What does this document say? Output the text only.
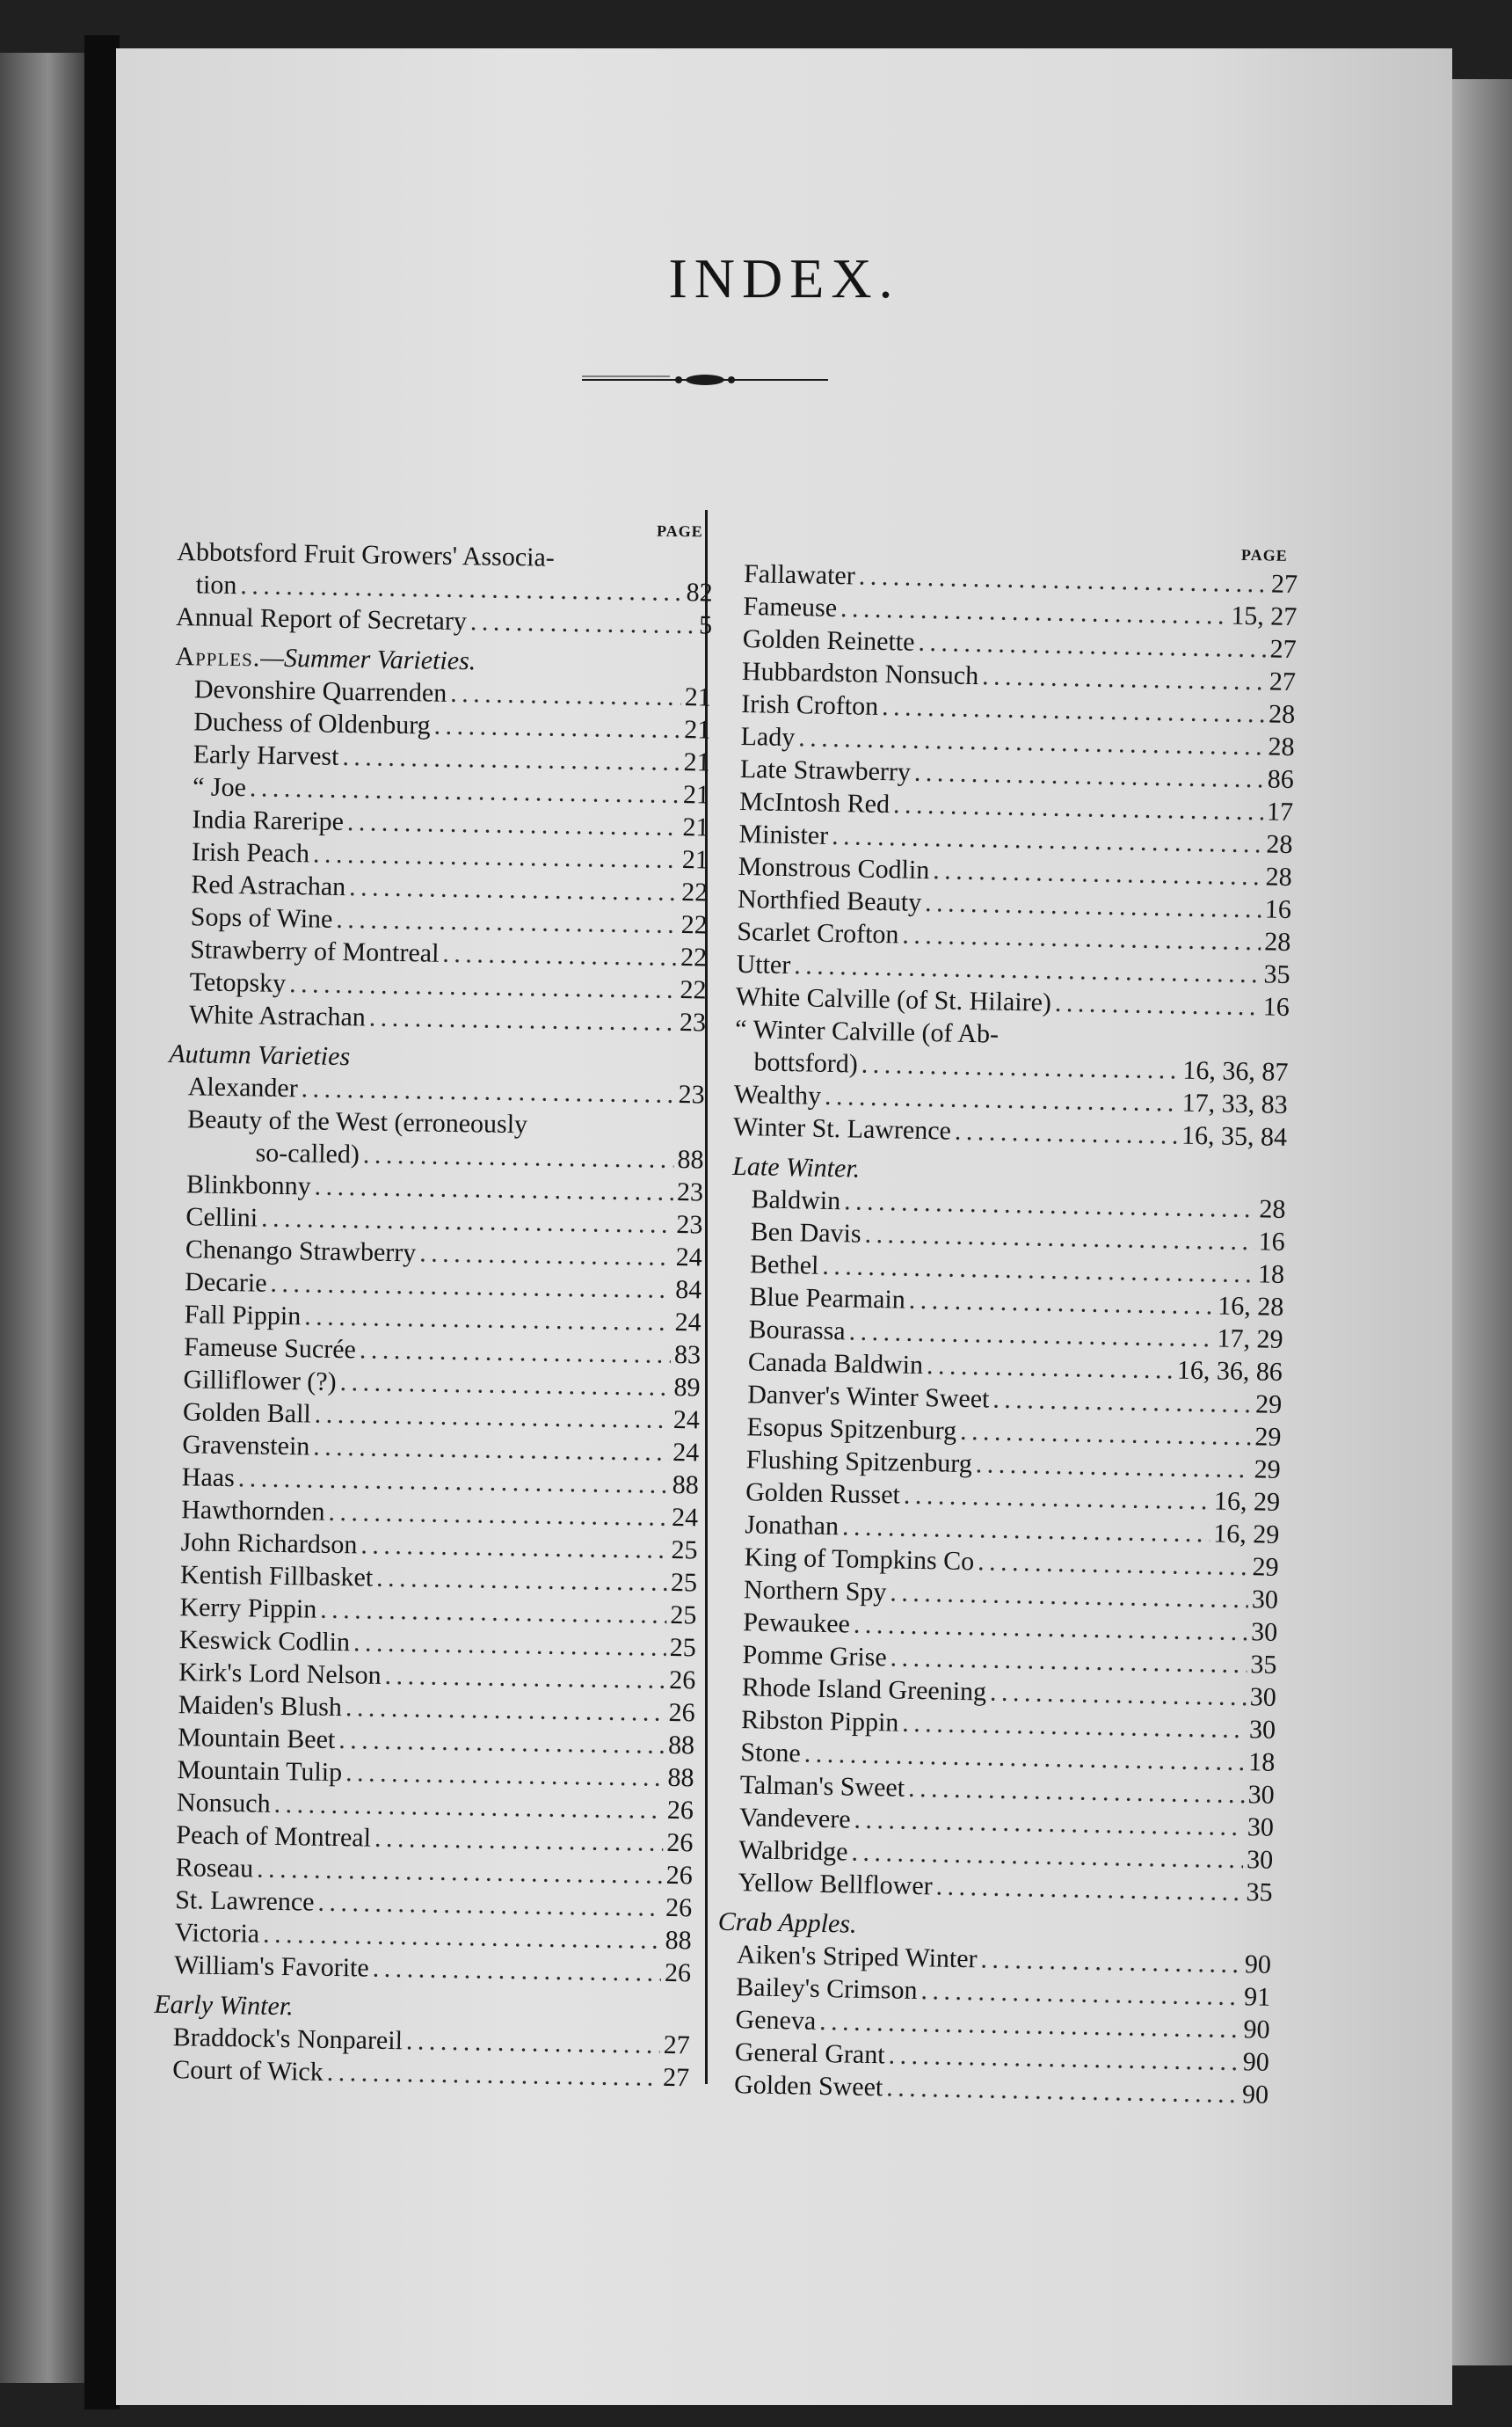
INDEX.
PAGE
Abbotsford Fruit Growers' Associa-
tion . . .	82
Annual Report of Secretary . . .	5
Apples.—Summer Varieties.
Devonshire Quarrenden . . .	21
Duchess of Oldenburg . . .	21
Early Harvest . . .	21
“ Joe . . .	21
India Rareripe . . .	21
Irish Peach . . .	21
Red Astrachan . . .	22
Sops of Wine . . .	22
Strawberry of Montreal . . .	22
Tetopsky . . .	22
White Astrachan . . .	23
Autumn Varieties
Alexander . . .	23
Beauty of the West (erroneously
so-called) . . .	88
Blinkbonny . . .	23
Cellini . . .	23
Chenango Strawberry . . .	24
Decarie . . .	84
Fall Pippin . . .	24
Fameuse Sucrée . . .	83
Gilliflower (?) . . .	89
Golden Ball . . .	24
Gravenstein . . .	24
Haas . . .	88
Hawthornden . . .	24
John Richardson . . .	25
Kentish Fillbasket . . .	25
Kerry Pippin . . .	25
Keswick Codlin . . .	25
Kirk's Lord Nelson . . .	26
Maiden's Blush . . .	26
Mountain Beet . . .	88
Mountain Tulip . . .	88
Nonsuch . . .	26
Peach of Montreal . . .	26
Roseau . . .	26
St. Lawrence . . .	26
Victoria . . .	88
William's Favorite . . .	26
Early Winter.
Braddock's Nonpareil . . .	27
Court of Wick . . .	27
PAGE
Fallawater . . .	27
Fameuse . . .	15, 27
Golden Reinette . . .	27
Hubbardston Nonsuch . . .	27
Irish Crofton . . .	28
Lady . . .	28
Late Strawberry . . .	86
McIntosh Red . . .	17
Minister . . .	28
Monstrous Codlin . . .	28
Northfied Beauty . . .	16
Scarlet Crofton . . .	28
Utter . . .	35
White Calville (of St. Hilaire) . . .	16
“ Winter Calville (of Ab-
bottsford) . . .	16, 36, 87
Wealthy . . .	17, 33, 83
Winter St. Lawrence . . .	16, 35, 84
Late Winter.
Baldwin . . .	28
Ben Davis . . .	16
Bethel . . .	18
Blue Pearmain . . .	16, 28
Bourassa . . .	17, 29
Canada Baldwin . . .	16, 36, 86
Danver's Winter Sweet . . .	29
Esopus Spitzenburg . . .	29
Flushing Spitzenburg . . .	29
Golden Russet . . .	16, 29
Jonathan . . .	16, 29
King of Tompkins Co . . .	29
Northern Spy . . .	30
Pewaukee . . .	30
Pomme Grise . . .	35
Rhode Island Greening . . .	30
Ribston Pippin . . .	30
Stone . . .	18
Talman's Sweet . . .	30
Vandevere . . .	30
Walbridge . . .	30
Yellow Bellflower . . .	35
Crab Apples.
Aiken's Striped Winter . . .	90
Bailey's Crimson . . .	91
Geneva . . .	90
General Grant . . .	90
Golden Sweet . . .	90
